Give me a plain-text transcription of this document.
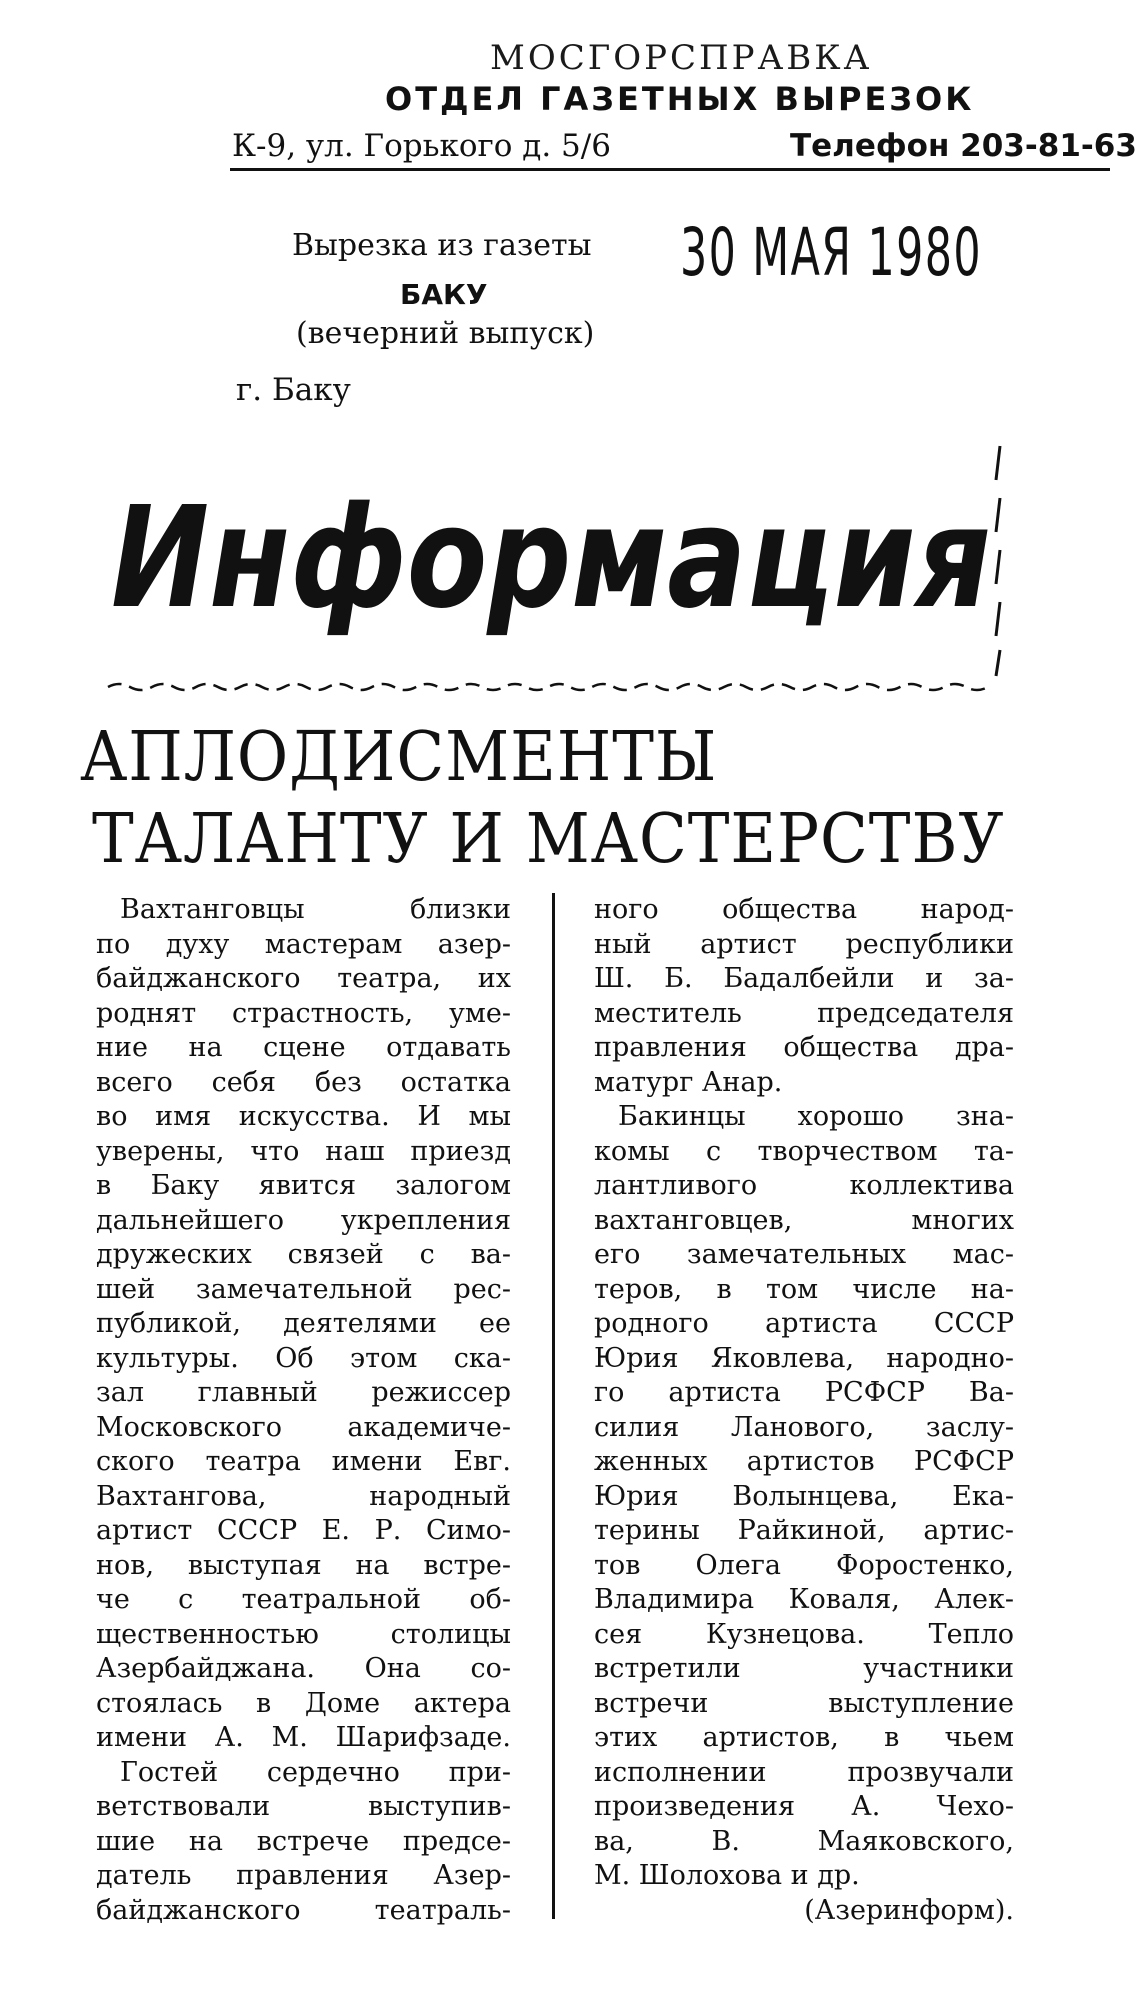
МОСГОРСПРАВКА
ОТДЕЛ ГАЗЕТНЫХ ВЫРЕЗОК
К-9, ул. Горького д. 5/6	Телефон 203-81-63
Вырезка из газеты
БАКУ
(вечерний выпуск)
г. Баку
30 МАЯ 1980
Информация
АПЛОДИСМЕНТЫ
ТАЛАНТУ И МАСТЕРСТВУ
Вахтанговцы близки
по духу мастерам азер-
байджанского театра, их
роднят страстность, уме-
ние на сцене отдавать
всего себя без остатка
во имя искусства. И мы
уверены, что наш приезд
в Баку явится залогом
дальнейшего укрепления
дружеских связей с ва-
шей замечательной рес-
публикой, деятелями ее
культуры. Об этом ска-
зал главный режиссер
Московского академиче-
ского театра имени Евг.
Вахтангова, народный
артист СССР Е. Р. Симо-
нов, выступая на встре-
че с театральной об-
щественностью столицы
Азербайджана. Она со-
стоялась в Доме актера
имени А. М. Шарифзаде.
Гостей сердечно при-
ветствовали выступив-
шие на встрече предсе-
датель правления Азер-
байджанского театраль-
ного общества народ-
ный артист республики
Ш. Б. Бадалбейли и за-
меститель председателя
правления общества дра-
матург Анар.
Бакинцы хорошо зна-
комы с творчеством та-
лантливого коллектива
вахтанговцев, многих
его замечательных мас-
теров, в том числе на-
родного артиста СССР
Юрия Яковлева, народно-
го артиста РСФСР Ва-
силия Ланового, заслу-
женных артистов РСФСР
Юрия Волынцева, Ека-
терины Райкиной, артис-
тов Олега Форостенко,
Владимира Коваля, Алек-
сея Кузнецова. Тепло
встретили участники
встречи выступление
этих артистов, в чьем
исполнении прозвучали
произведения А. Чехо-
ва, В. Маяковского,
М. Шолохова и др.
(Азеринформ).
